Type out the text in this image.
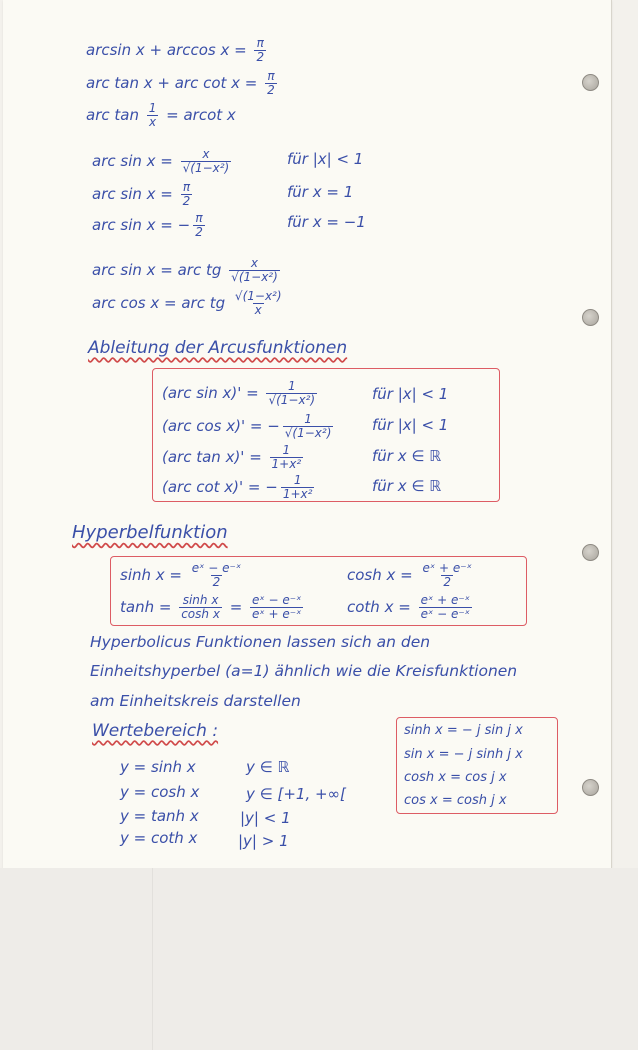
$\arcsin x + \arccos x = \frac{\pi}{2}$
arc tan x + arc $\cot x = \frac{\pi}{2}$
arc $\tan \frac{1}{x} = arcot$ x
arc $\sin x = \frac{x}{\text{√(1−x²)}}$	für |x| < 1
arc $\sin x = \frac{\pi}{2}$	für x = 1
arc sin x = − $\frac{\pi}{2}$	für x = −1
arc sin x = arc tg $\frac{x}{\text{√(1−x²)}}$
arc cos x = arc tg $\frac{\text{√(1−x²)}}{x}$
Ableitung der Arcusfunktionen
(arc $\sin x)' = \frac{1}{\text{√(1−x²)}}$	für |x| < 1
(arc cos x)' = − $\frac{1}{\text{√(1−x²)}}$	für |x| < 1
(arc $\tan x)' = \frac{1}{\text{1+x²}}$	für x ∈ ℝ
(arc cot x)' = − $\frac{1}{\text{1+x²}}$	für x ∈ ℝ
Hyperbelfunktion
$\sinh x = \frac{\text{eˣ − e⁻ˣ}}{2}$	$\cosh x = \frac{\text{eˣ + e⁻ˣ}}{2}$
$\tanh = \frac{\text{sinh x}}{\text{cosh x}} = \frac{\text{eˣ − e⁻ˣ}}{\text{eˣ + e⁻ˣ}}$	coth $x = \frac{\text{eˣ + e⁻ˣ}}{\text{eˣ − e⁻ˣ}}$
Hyperbolicus Funktionen lassen sich an den
Einheitshyperbel (a=1) ähnlich wie die Kreisfunktionen
am Einheitskreis darstellen
Wertebereich :
y = sinh x	y ∈ ℝ
y = cosh x	y ∈ [+1, +∞[
y = tanh x	|y| < 1
y = coth x	|y| > 1
sinh x = − j sin j x
sin x = − j sinh j x
cosh x = cos j x
cos x = cosh j x
